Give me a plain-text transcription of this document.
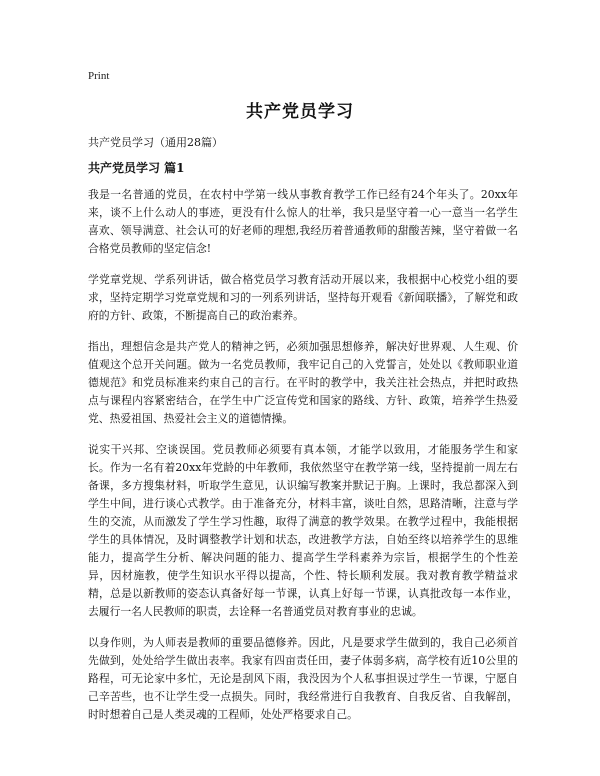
Print
共产党员学习
共产党员学习（通用28篇）
共产党员学习 篇1

我是一名普通的党员，在农村中学第一线从事教育教学工作已经有24个年头了。20xx年来，谈不上什么动人的事迹，更没有什么惊人的壮举，我只是坚守着一心一意当一名学生喜欢、领导满意、社会认可的好老师的理想,我经历着普通教师的甜酸苦辣，坚守着做一名合格党员教师的坚定信念!

学党章党规、学系列讲话，做合格党员学习教育活动开展以来，我根据中心校党小组的要求，坚持定期学习党章党规和习的一列系列讲话，坚持每开观看《新闻联播》，了解党和政府的方针、政策，不断提高自己的政治素养。

指出，理想信念是共产党人的精神之钙，必须加强思想修养，解决好世界观、人生观、价值观这个总开关问题。做为一名党员教师，我牢记自己的入党誓言，处处以《教师职业道德规范》和党员标准来约束自己的言行。在平时的教学中，我关注社会热点，并把时政热点与课程内容紧密结合，在学生中广泛宣传党和国家的路线、方针、政策，培养学生热爱党、热爱祖国、热爱社会主义的道德情操。

说实干兴邦、空谈误国。党员教师必须要有真本领，才能学以致用，才能服务学生和家长。作为一名有着20xx年党龄的中年教师，我依然坚守在教学第一线，坚持提前一周左右备课，多方搜集材料，听取学生意见，认识编写教案并默记于胸。上课时，我总都深入到学生中间，进行谈心式教学。由于准备充分，材料丰富，谈吐自然，思路清晰，注意与学生的交流，从而激发了学生学习性趣，取得了满意的教学效果。在教学过程中，我能根据学生的具体情况，及时调整教学计划和状态，改进教学方法，自始至终以培养学生的思维能力，提高学生分析、解决问题的能力、提高学生学科素养为宗旨，根据学生的个性差异，因材施教，使学生知识水平得以提高，个性、特长顺利发展。我对教育教学精益求精，总是以新教师的姿态认真备好每一节课，认真上好每一节课，认真批改每一本作业，去履行一名人民教师的职责，去诠释一名普通党员对教育事业的忠诚。

以身作则，为人师表是教师的重要品德修养。因此，凡是要求学生做到的，我自己必须首先做到，处处给学生做出表率。我家有四亩责任田，妻子体弱多病，高学校有近10公里的路程，可无论家中多忙，无论是刮风下雨，我没因为个人私事担误过学生一节课，宁愿自己辛苦些，也不让学生受一点损失。同时，我经常进行自我教育、自我反省、自我解剖，时时想着自己是人类灵魂的工程师，处处严格要求自己。
